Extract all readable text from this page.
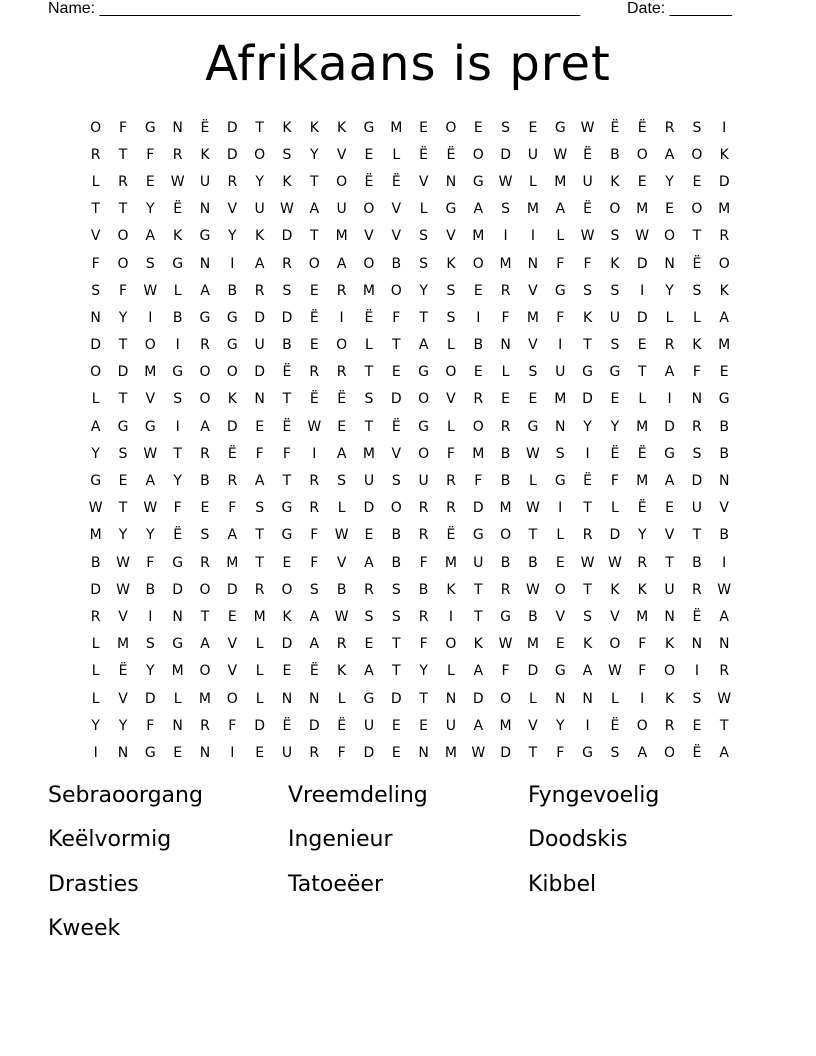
Name: ______________________________________________________	Date: _______
Afrikaans is pret
O	F	G	N	Ë	D	T	K	K	K	G	M	E	O	E	S	E	G	W	Ë	Ë	R	S	I
R	T	F	R	K	D	O	S	Y	V	E	L	Ë	Ë	O	D	U	W	Ë	B	O	A	O	K
L	R	E	W	U	R	Y	K	T	O	Ë	Ë	V	N	G	W	L	M	U	K	E	Y	E	D
T	T	Y	Ë	N	V	U	W	A	U	O	V	L	G	A	S	M	A	Ë	O	M	E	O	M
V	O	A	K	G	Y	K	D	T	M	V	V	S	V	M	I	I	L	W	S	W	O	T	R
F	O	S	G	N	I	A	R	O	A	O	B	S	K	O	M	N	F	F	K	D	N	Ë	O
S	F	W	L	A	B	R	S	E	R	M	O	Y	S	E	R	V	G	S	S	I	Y	S	K
N	Y	I	B	G	G	D	D	Ë	I	Ë	F	T	S	I	F	M	F	K	U	D	L	L	A
D	T	O	I	R	G	U	B	E	O	L	T	A	L	B	N	V	I	T	S	E	R	K	M
O	D	M	G	O	O	D	Ë	R	R	T	E	G	O	E	L	S	U	G	G	T	A	F	E
L	T	V	S	O	K	N	T	Ë	Ë	S	D	O	V	R	E	E	M	D	E	L	I	N	G
A	G	G	I	A	D	E	Ë	W	E	T	Ë	G	L	O	R	G	N	Y	Y	M	D	R	B
Y	S	W	T	R	Ë	F	F	I	A	M	V	O	F	M	B	W	S	I	Ë	Ë	G	S	B
G	E	A	Y	B	R	A	T	R	S	U	S	U	R	F	B	L	G	Ë	F	M	A	D	N
W	T	W	F	E	F	S	G	R	L	D	O	R	R	D	M	W	I	T	L	Ë	E	U	V
M	Y	Y	Ë	S	A	T	G	F	W	E	B	R	Ë	G	O	T	L	R	D	Y	V	T	B
B	W	F	G	R	M	T	E	F	V	A	B	F	M	U	B	B	E	W W	R	T	B	I
D	W	B	D	O	D	R	O	S	B	R	S	B	K	T	R	W	O	T	K	K	U	R	W
R	V	I	N	T	E	M	K	A	W	S	S	R	I	T	G	B	V	S	V	M	N	Ë	A
L	M	S	G	A	V	L	D	A	R	E	T	F	O	K	W	M	E	K	O	F	K	N	N
L	Ë	Y	M	O	V	L	E	Ë	K	A	T	Y	L	A	F	D	G	A	W	F	O	I	R
L	V	D	L	M	O	L	N	N	L	G	D	T	N	D	O	L	N	N	L	I	K	S	W
Y	Y	F	N	R	F	D	Ë	D	Ë	U	E	E	U	A	M	V	Y	I	Ë	O	R	E	T
I	N	G	E	N	I	E	U	R	F	D	E	N	M	W	D	T	F	G	S	A	O	Ë	A
Sebraoorgang	Vreemdeling	Fyngevoelig
Keëlvormig	Ingenieur	Doodskis
Drasties	Tatoeëer	Kibbel
Kweek
